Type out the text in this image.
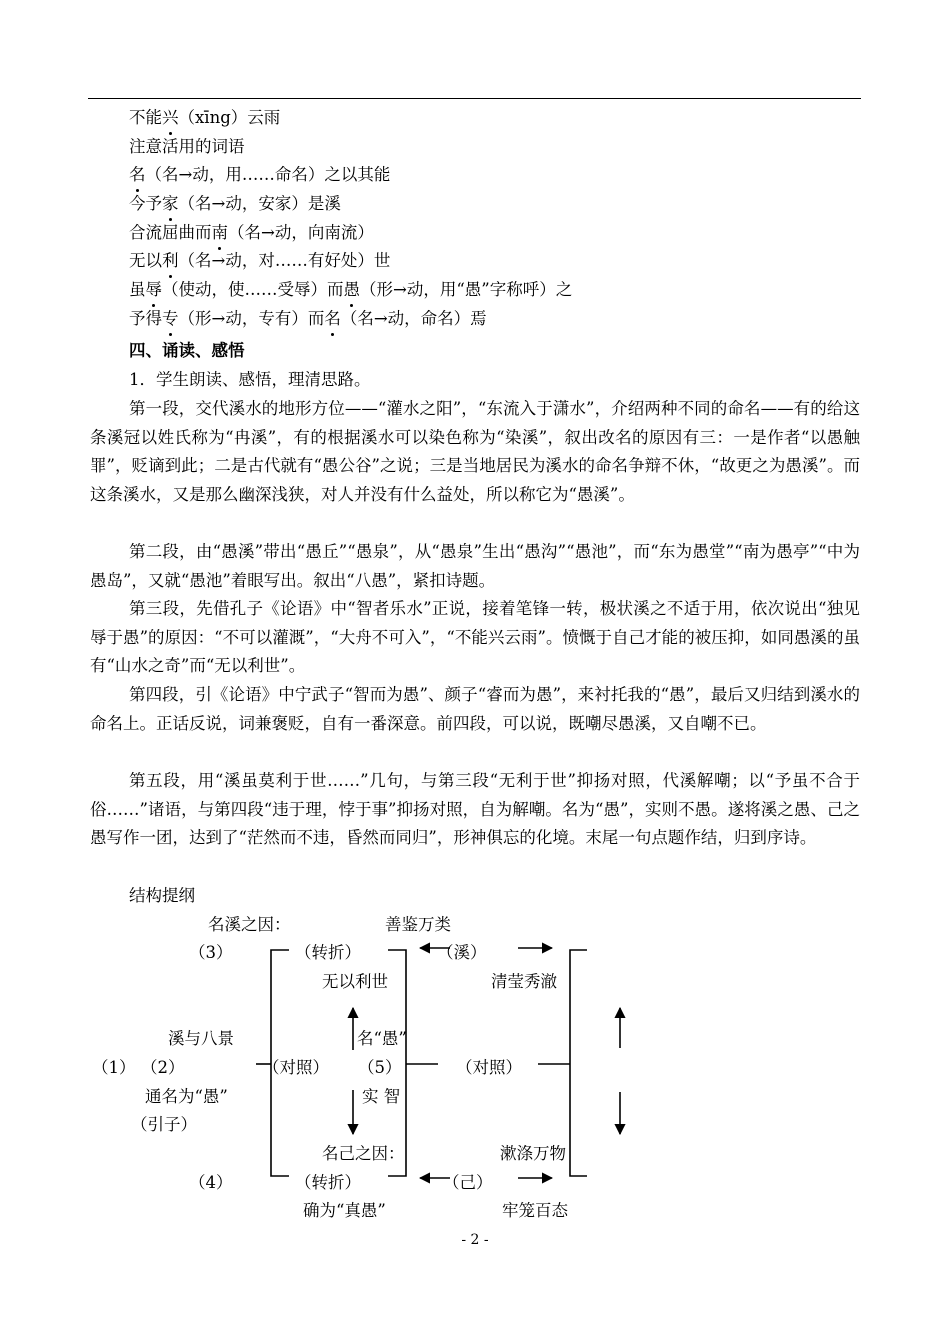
不能兴（xīng）云雨
注意活用的词语
名（名→动，用……命名）之以其能
今予家（名→动，安家）是溪
合流屈曲而南（名→动，向南流）
无以利（名→动，对……有好处）世
虽辱（使动，使……受辱）而愚（形→动，用“愚”字称呼）之
予得专（形→动，专有）而名（名→动，命名）焉
四、诵读、感悟
1．学生朗读、感悟，理清思路。
第一段，交代溪水的地形方位——“灌水之阳”，“东流入于潇水”，介绍两种不同的命名——有的给这条溪冠以姓氏称为“冉溪”，有的根据溪水可以染色称为“染溪”，叙出改名的原因有三：一是作者“以愚触罪”，贬谪到此；二是古代就有“愚公谷”之说；三是当地居民为溪水的命名争辩不休，“故更之为愚溪”。而这条溪水，又是那么幽深浅狭，对人并没有什么益处，所以称它为“愚溪”。
第二段，由“愚溪”带出“愚丘”“愚泉”，从“愚泉”生出“愚沟”“愚池”，而“东为愚堂”“南为愚亭”“中为愚岛”，又就“愚池”着眼写出。叙出“八愚”，紧扣诗题。
第三段，先借孔子《论语》中“智者乐水”正说，接着笔锋一转，极状溪之不适于用，依次说出“独见辱于愚”的原因：“不可以灌溉”，“大舟不可入”，“不能兴云雨”。愤慨于自己才能的被压抑，如同愚溪的虽有“山水之奇”而“无以利世”。
第四段，引《论语》中宁武子“智而为愚”、颜子“睿而为愚”，来衬托我的“愚”，最后又归结到溪水的命名上。正话反说，词兼褒贬，自有一番深意。前四段，可以说，既嘲尽愚溪，又自嘲不已。
第五段，用“溪虽莫利于世……”几句，与第三段“无利于世”抑扬对照，代溪解嘲；以“予虽不合于俗……”诸语，与第四段“违于理，悖于事”抑扬对照，自为解嘲。名为“愚”，实则不愚。遂将溪之愚、己之愚写作一团，达到了“茫然而不违，昏然而同归”，形神俱忘的化境。末尾一句点题作结，归到序诗。
结构提纲
名溪之因：	善鉴万类
（3）	（转折）	（溪）
无以利世	清莹秀澈
溪与八景	名“愚”
（1） （2）	（对照） （5）	（对照）
通名为“愚”	实 智
（引子）
名己之因：	漱涤万物
（4）	（转折）	（己）
确为“真愚”	牢笼百态
- 2 -
